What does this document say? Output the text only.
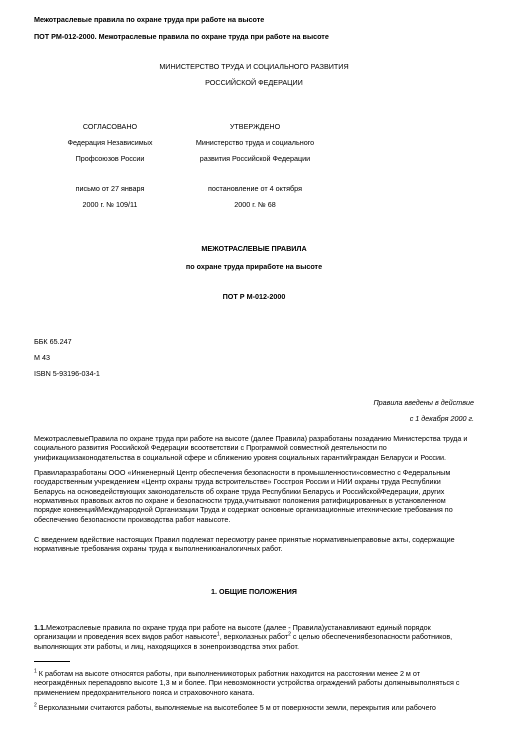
Межотраслевые правила по охране труда при работе на высоте
ПОТ РМ-012-2000. Межотраслевые правила по охране труда при работе на высоте
МИНИСТЕРСТВО ТРУДА И СОЦИАЛЬНОГО РАЗВИТИЯ
РОССИЙСКОЙ ФЕДЕРАЦИИ
СОГЛАСОВАНО
Федерация Независимых
Профсоюзов России
письмо от 27 января
2000 г. № 109/11
УТВЕРЖДЕНО
Министерство труда и социального
развития Российской Федерации
постановление от 4 октября
2000 г. № 68
МЕЖОТРАСЛЕВЫЕ ПРАВИЛА
по охране труда приработе на высоте
ПОТ Р М-012-2000
ББК 65.247
М 43
ISBN 5-93196-034-1
Правила введены в действие
с 1 декабря 2000 г.

МежотраслевыеПравила по охране труда при работе на высоте (далее Правила) разработаны позаданию Министерства труда и социального развития Российской Федерации всоответствии с Программой совместной деятельности по унификациизаконодательства в социальной сфере и сближению уровня социальных гарантийграждан Беларуси и России.

Правиларазработаны ООО «Инженерный Центр обеспечения безопасности в промышленности»совместно с Федеральным государственным учреждением «Центр охраны труда встроительстве» Госстроя России и НИИ охраны труда Республики Беларусь на основедействующих законодательств об охране труда Республики Беларусь и РоссийскойФедерации, других нормативных правовых актов по охране и безопасности труда,учитывают положения ратифицированных в установленном порядке конвенцийМеждународной Организации Труда и содержат основные организационные итехнические требования по обеспечению безопасности производства работ навысоте.

С введением вдействие настоящих Правил подлежат пересмотру ранее принятые нормативныеправовые акты, содержащие нормативные требования охраны труда к выполнениюаналогичных работ.

1. ОБЩИЕ ПОЛОЖЕНИЯ

1.1.Межотраслевые правила по охране труда при работе на высоте (далее - Правила)устанавливают единый порядок организации и проведения всех видов работ навысоте$^1$, верхолазных работ$^2$ с целью обеспечениябезопасности работников, выполняющих эти работы, и лиц, находящихся в зонепроизводства этих работ.

$^1$ К работам на высоте относятся работы, при выполнениикоторых работник находится на расстоянии менее 2 м от неограждённых перепадовпо высоте 1,3 м и более. При невозможности устройства ограждений работы должнывыполняться с применением предохранительного пояса и страховочного каната.

$^2$ Верхолазными считаются работы, выполняемые на высотеболее 5 м от поверхности земли, перекрытия или рабочего
